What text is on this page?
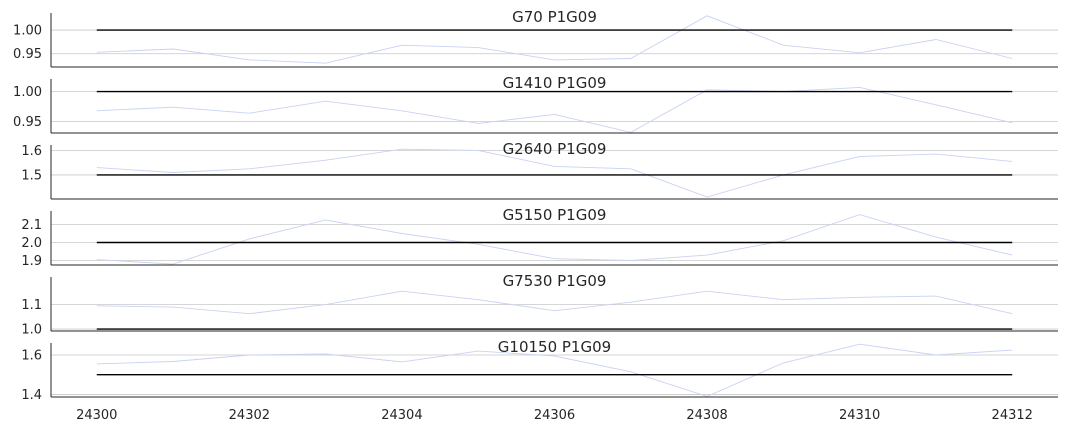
0.95
1.00
G70 P1G09
0.95
1.00
G1410 P1G09
1.5
1.6	G2640 P1G09
1.9
2.0
2.1
G5150 P1G09
1.0
1.1
G7530 P1G09
1.4
1.6
G10150 P1G09
24300	24302	24304	24306	24308	24310	24312
